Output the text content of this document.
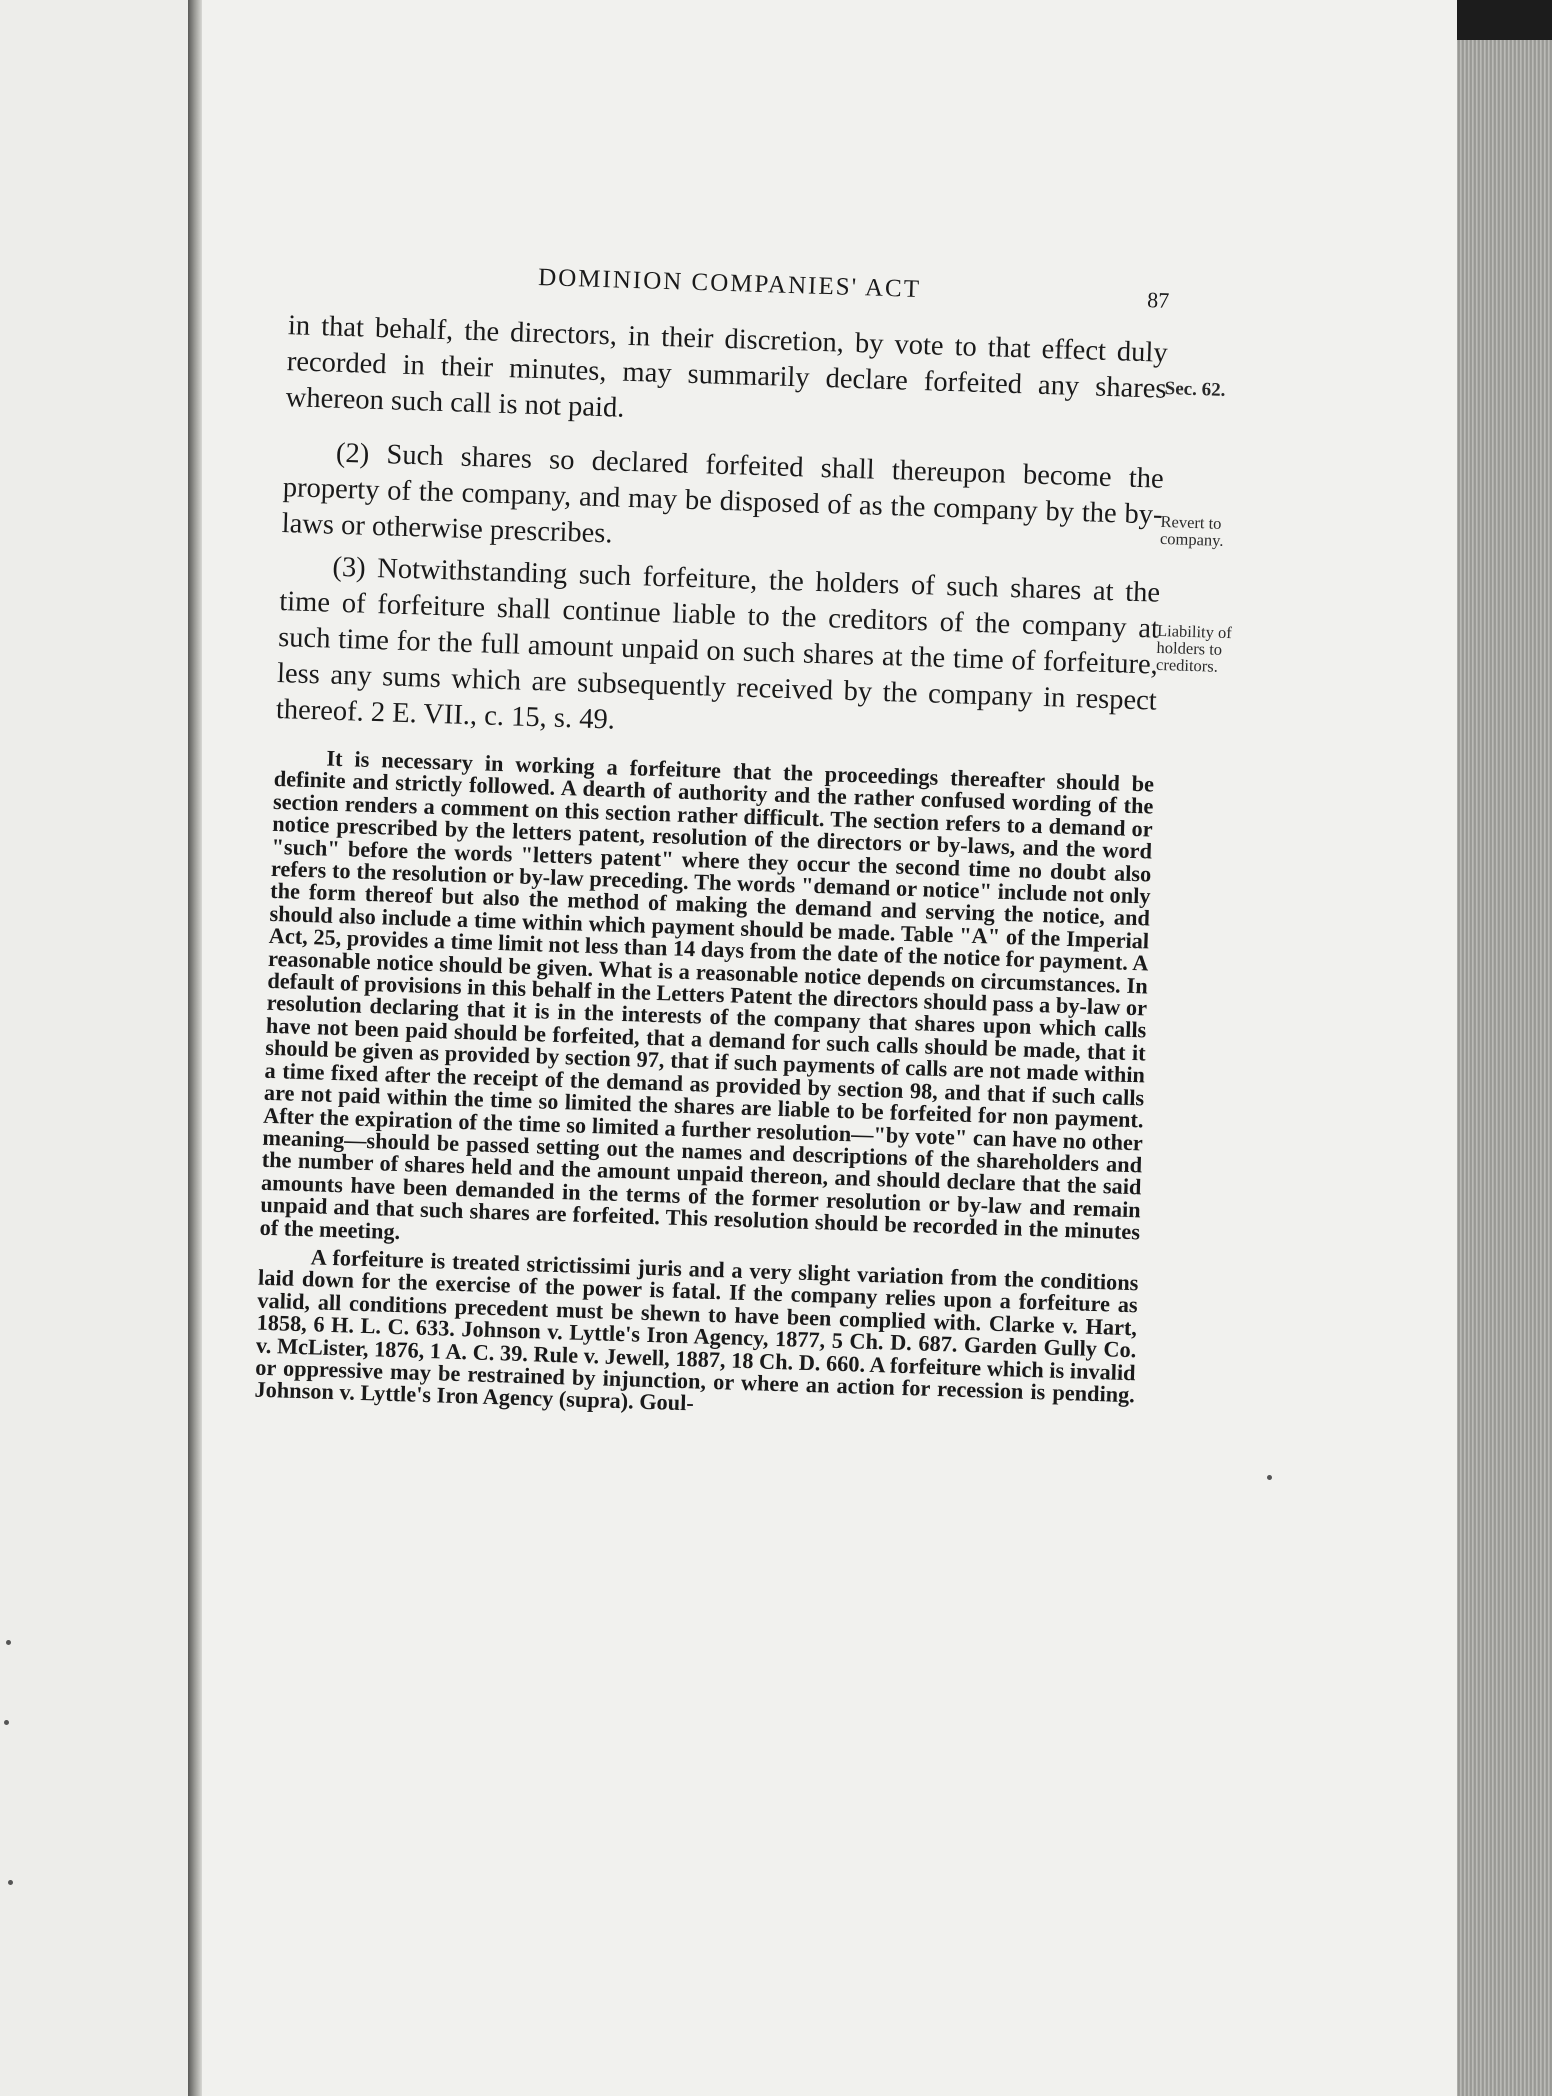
DOMINION COMPANIES' ACT	87

in that behalf, the directors, in their discretion, by vote to that effect duly recorded in their minutes, may summarily declare forfeited any shares whereon such call is not paid.

(2) Such shares so declared forfeited shall thereupon become the property of the company, and may be disposed of as the company by the by-laws or otherwise prescribes.

(3) Notwithstanding such forfeiture, the holders of such shares at the time of forfeiture shall continue liable to the creditors of the company at such time for the full amount unpaid on such shares at the time of forfeiture, less any sums which are subsequently received by the company in respect thereof. 2 E. VII., c. 15, s. 49.

It is necessary in working a forfeiture that the proceedings thereafter should be definite and strictly followed. A dearth of authority and the rather confused wording of the section renders a comment on this section rather difficult. The section refers to a demand or notice prescribed by the letters patent, resolution of the directors or by-laws, and the word "such" before the words "letters patent" where they occur the second time no doubt also refers to the resolution or by-law preceding. The words "demand or notice" include not only the form thereof but also the method of making the demand and serving the notice, and should also include a time within which payment should be made. Table "A" of the Imperial Act, 25, provides a time limit not less than 14 days from the date of the notice for payment. A reasonable notice should be given. What is a reasonable notice depends on circumstances. In default of provisions in this behalf in the Letters Patent the directors should pass a by-law or resolution declaring that it is in the interests of the company that shares upon which calls have not been paid should be forfeited, that a demand for such calls should be made, that it should be given as provided by section 97, that if such payments of calls are not made within a time fixed after the receipt of the demand as provided by section 98, and that if such calls are not paid within the time so limited the shares are liable to be forfeited for non payment. After the expiration of the time so limited a further resolution—"by vote" can have no other meaning—should be passed setting out the names and descriptions of the shareholders and the number of shares held and the amount unpaid thereon, and should declare that the said amounts have been demanded in the terms of the former resolution or by-law and remain unpaid and that such shares are forfeited. This resolution should be recorded in the minutes of the meeting.

A forfeiture is treated strictissimi juris and a very slight variation from the conditions laid down for the exercise of the power is fatal. If the company relies upon a forfeiture as valid, all conditions precedent must be shewn to have been complied with. Clarke v. Hart, 1858, 6 H. L. C. 633. Johnson v. Lyttle's Iron Agency, 1877, 5 Ch. D. 687. Garden Gully Co. v. McLister, 1876, 1 A. C. 39. Rule v. Jewell, 1887, 18 Ch. D. 660. A forfeiture which is invalid or oppressive may be restrained by injunction, or where an action for recession is pending. Johnson v. Lyttle's Iron Agency (supra). Goul-

Sec. 62.
Revert to
company.
Liability of
holders to
creditors.
